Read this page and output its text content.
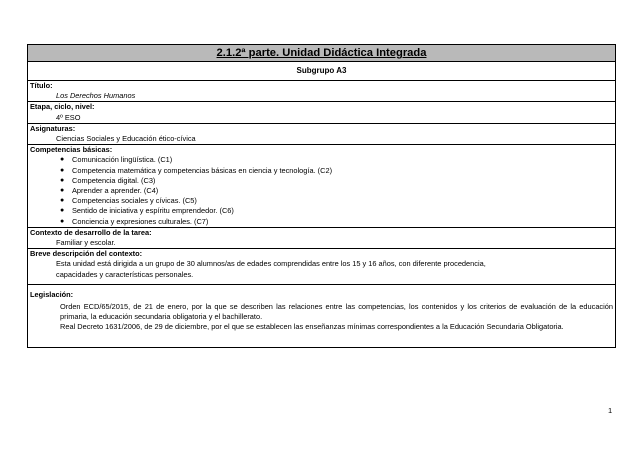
2.1.2ª parte. Unidad Didáctica Integrada
Subgrupo A3

Título:
Los Derechos Humanos

Etapa, ciclo, nivel:
4º ESO

Asignaturas:
Ciencias Sociales y Educación ético-cívica

Competencias básicas:
● Comunicación lingüística. (C1)
● Competencia matemática y competencias básicas en ciencia y tecnología. (C2)
● Competencia digital. (C3)
● Aprender a aprender. (C4)
● Competencias sociales y cívicas. (C5)
● Sentido de iniciativa y espíritu emprendedor. (C6)
● Conciencia y expresiones culturales. (C7)

Contexto de desarrollo de la tarea:
Familiar y escolar.

Breve descripción del contexto:
Esta unidad está dirigida a un grupo de 30 alumnos/as de edades comprendidas entre los 15 y 16 años, con diferente procedencia,
capacidades y características personales.

Legislación:
Orden ECD/65/2015, de 21 de enero, por la que se describen las relaciones entre las competencias, los contenidos y los criterios de evaluación de la educación primaria, la educación secundaria obligatoria y el bachillerato.
Real Decreto 1631/2006, de 29 de diciembre, por el que se establecen las enseñanzas mínimas correspondientes a la Educación Secundaria Obligatoria.
1
